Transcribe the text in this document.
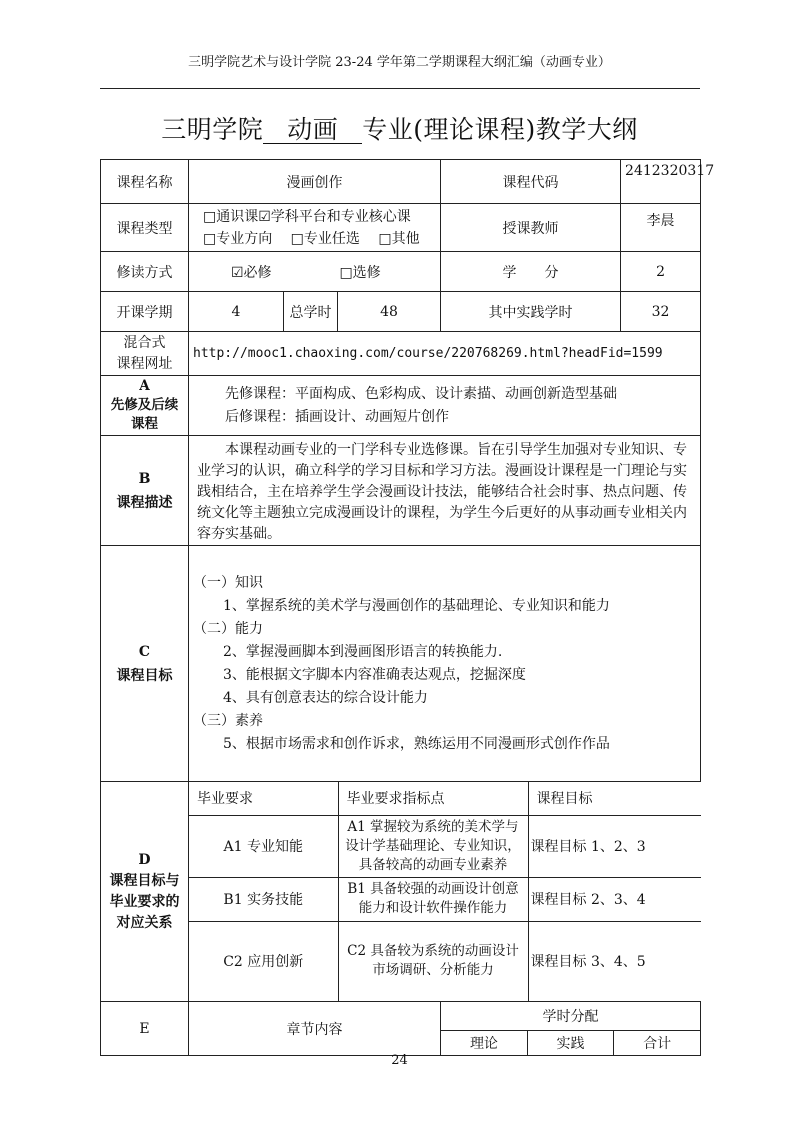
三明学院艺术与设计学院 23-24 学年第二学期课程大纲汇编（动画专业）
三明学院 动画 专业(理论课程)教学大纲
课程名称	漫画创作	课程代码	2412320317
课程类型	
□通识课☑学科平台和专业核心课
□专业方向　 □专业任选　 □其他
	授课教师	李晨
修读方式	☑必修	□选修	学　　分	2
开课学期	4	总学时	48	其中实践学时	32

混合式
课程网址
	http://mooc1.chaoxing.com/course/220768269.html?headFid=1599

A
先修及后续
课程

先修课程：平面构成、色彩构成、设计素描、动画创新造型基础
后修课程：插画设计、动画短片创作

B
课程描述

本课程动画专业的一门学科专业选修课。旨在引导学生加强对专业知识、专业学习的认识，确立科学的学习目标和学习方法。漫画设计课程是一门理论与实践相结合，主在培养学生学会漫画设计技法，能够结合社会时事、热点问题、传统文化等主题独立完成漫画设计的课程，为学生今后更好的从事动画专业相关内容夯实基础。

C
课程目标

（一）知识
1、掌握系统的美术学与漫画创作的基础理论、专业知识和能力
（二）能力
2、掌握漫画脚本到漫画图形语言的转换能力.
3、能根据文字脚本内容准确表达观点，挖掘深度
4、具有创意表达的综合设计能力
（三）素养
5、根据市场需求和创作诉求，熟练运用不同漫画形式创作作品

D
课程目标与
毕业要求的
对应关系

毕业要求	毕业要求指标点	课程目标
A1 专业知能	A1 掌握较为系统的美术学与设计学基础理论、专业知识，具备较高的动画专业素养	课程目标 1、2、3
B1 实务技能	B1 具备较强的动画设计创意能力和设计软件操作能力	课程目标 2、3、4
C2 应用创新	C2 具备较为系统的动画设计市场调研、分析能力	课程目标 3、4、5

E	章节内容	学时分配

理论	实践	合计
24
